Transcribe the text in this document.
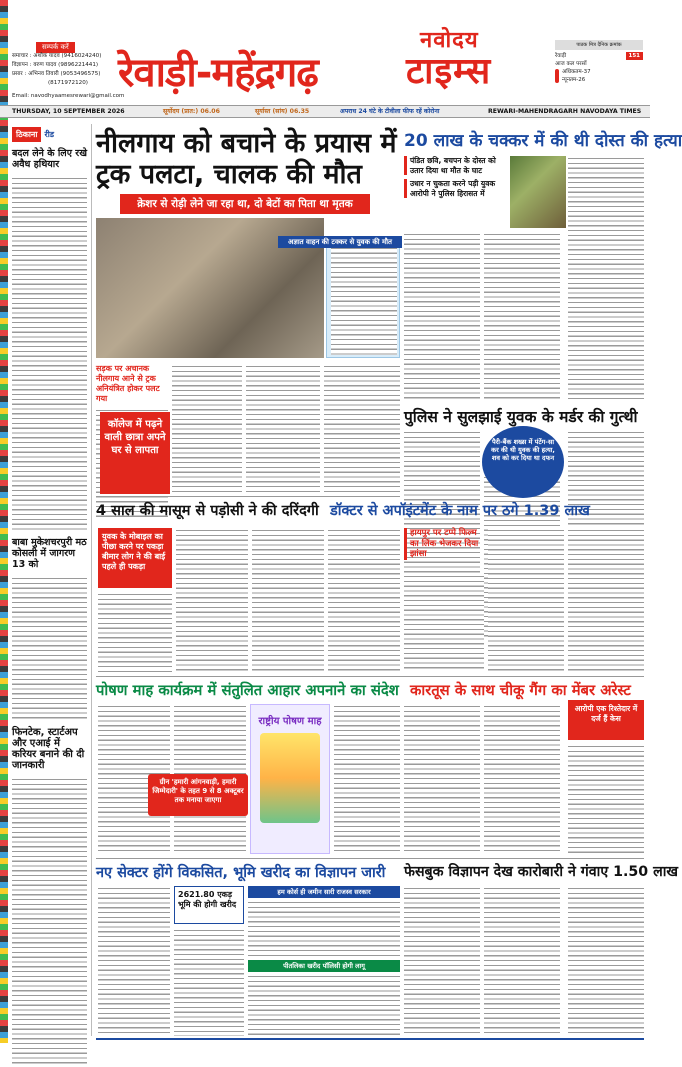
सम्पर्क करें
समाचार : अशोक यादव (9416024240)
विज्ञापन : वरुण यादव (9896221441)
प्रसार : अभिनव तिवारी (9053496575)
(8171972120)
Email: navodhyaamesrewari@gmail.com
रेवाड़ी-महेंद्रगढ़
नवोदय
टाइम्स
पाठक मित्र दैनिक क्रमांक
रेवाड़ी	151
आज कल परसों
अधिकतम-37
न्यूनतम-26
THURSDAY, 10 SEPTEMBER 2026	सूर्योदय (प्रात:) 06.06	सूर्यास्त (सांय) 06.35	अपराध 24 घंटे के टीवीला फीफ रहें कोरोना	REWARI-MAHENDRAGARH NAVODAYA TIMES
ठिकाना रीड
बदल लेने के लिए रखे अवैध हथियार
बाबा मुकेशचरपुरी मठ कोसली में जागरण 13 को
फिनटेक, स्टार्टअप और एआई में करियर बनाने की दी जानकारी
नीलगाय को बचाने के प्रयास में ट्रक पलटा, चालक की मौत
क्रेशर से रोड़ी लेने जा रहा था, दो बेटों का पिता था मृतक
अज्ञात वाहन की टक्कर से युवक की मौत
सड़क पर अचानक नीलगाय आने से ट्रक अनियंत्रित होकर पलट गया
कॉलेज में पढ़ने वाली छात्रा अपने घर से लापता
20 लाख के चक्कर में की थी दोस्त की हत्या
पंडित छवि, बचपन के दोस्त को उतार दिया था मौत के घाट
उधार न चुकता करने पड़ी युवक आरोपी ने पुलिस हिरासत में
पुलिस ने सुलझाई युवक के मर्डर की गुत्थी
पैरी-बैंक शख्स में पंटेंग-सा कर की थी युवक की हत्या, शव को कर दिया था दफन
4 साल की मासूम से पड़ोसी ने की दरिंदगी डॉक्टर से अपॉइंटमेंट के नाम पर ठगे 1.39 लाख
युवक के मोबाइल का पीछा करने पर पकड़ा बीमार लोग ने की बाई पहले ही पकड़ा
हायपुर पर टप्पे फिल्म का लिंक भेजकर दिया झांसा
पोषण माह कार्यक्रम में संतुलित आहार अपनाने का संदेश कारतूस के साथ चीकू गैंग का मेंबर अरेस्ट
राष्ट्रीय पोषण माह
ग्रीन 'हमारी आंगनवाड़ी, हमारी जिम्मेदारी' के तहत 9 से 8 अक्टूबर तक मनाया जाएगा
आरोपी एक रिश्तेदार में दर्ज हैं केस
नए सेक्टर होंगे विकसित, भूमि खरीद का विज्ञापन जारी फेसबुक विज्ञापन देख कारोबारी ने गंवाए 1.50 लाख
2621.80 एकड़ भूमि की होगी खरीद
हम कोर्स ही जमीन सारी राजस्व सरकार
पीतलिका खरीद पॉलिसी होगी लागू
